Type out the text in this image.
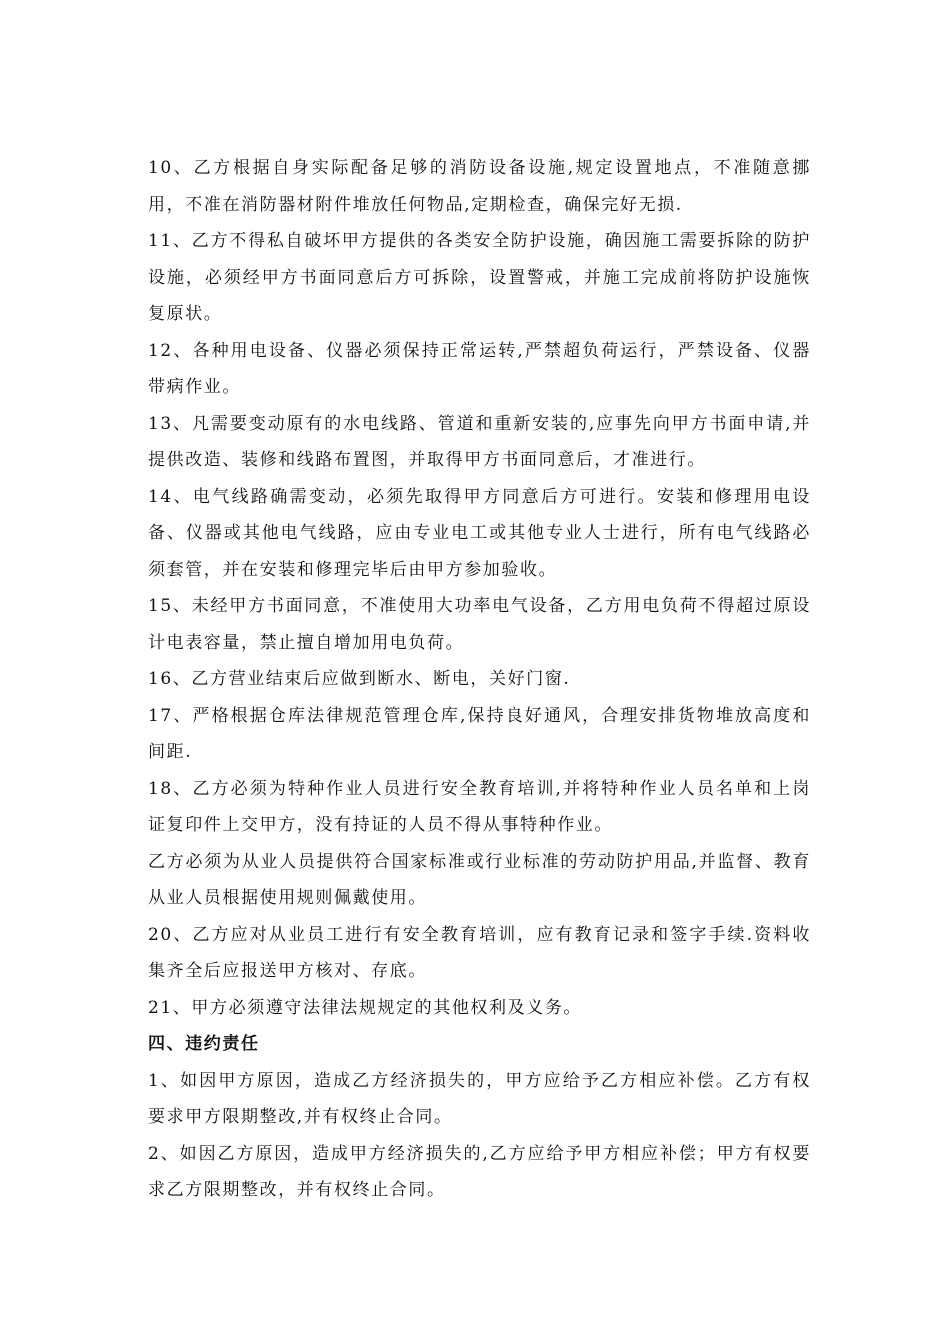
10、乙方根据自身实际配备足够的消防设备设施,规定设置地点，不准随意挪用，不准在消防器材附件堆放任何物品,定期检查，确保完好无损.

11、乙方不得私自破坏甲方提供的各类安全防护设施，确因施工需要拆除的防护设施，必须经甲方书面同意后方可拆除，设置警戒，并施工完成前将防护设施恢复原状。

12、各种用电设备、仪器必须保持正常运转,严禁超负荷运行，严禁设备、仪器带病作业。

13、凡需要变动原有的水电线路、管道和重新安装的,应事先向甲方书面申请,并提供改造、装修和线路布置图，并取得甲方书面同意后，才准进行。

14、电气线路确需变动，必须先取得甲方同意后方可进行。安装和修理用电设备、仪器或其他电气线路，应由专业电工或其他专业人士进行，所有电气线路必须套管，并在安装和修理完毕后由甲方参加验收。

15、未经甲方书面同意，不准使用大功率电气设备，乙方用电负荷不得超过原设计电表容量，禁止擅自增加用电负荷。

16、乙方营业结束后应做到断水、断电，关好门窗.

17、严格根据仓库法律规范管理仓库,保持良好通风，合理安排货物堆放高度和间距.

18、乙方必须为特种作业人员进行安全教育培训,并将特种作业人员名单和上岗证复印件上交甲方，没有持证的人员不得从事特种作业。

乙方必须为从业人员提供符合国家标准或行业标准的劳动防护用品,并监督、教育从业人员根据使用规则佩戴使用。

20、乙方应对从业员工进行有安全教育培训，应有教育记录和签字手续.资料收集齐全后应报送甲方核对、存底。

21、甲方必须遵守法律法规规定的其他权利及义务。

四、违约责任

1、如因甲方原因，造成乙方经济损失的，甲方应给予乙方相应补偿。乙方有权要求甲方限期整改,并有权终止合同。

2、如因乙方原因，造成甲方经济损失的,乙方应给予甲方相应补偿；甲方有权要求乙方限期整改，并有权终止合同。
